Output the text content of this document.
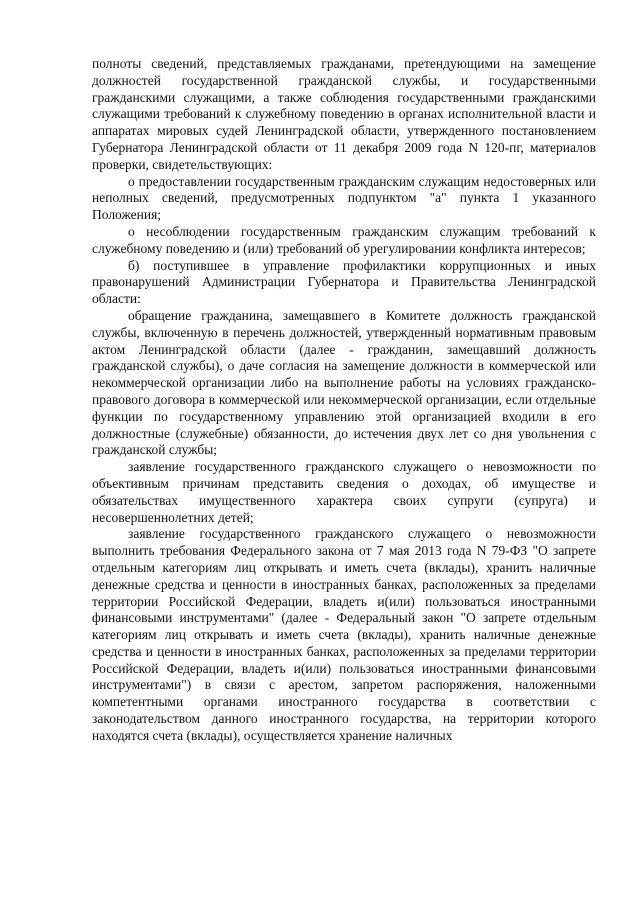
полноты сведений, представляемых гражданами, претендующими на замещение должностей государственной гражданской службы, и государственными гражданскими служащими, а также соблюдения государственными гражданскими служащими требований к служебному поведению в органах исполнительной власти и аппаратах мировых судей Ленинградской области, утвержденного постановлением Губернатора Ленинградской области от 11 декабря 2009 года N 120-пг, материалов проверки, свидетельствующих:

о предоставлении государственным гражданским служащим недостоверных или неполных сведений, предусмотренных подпунктом "а" пункта 1 указанного Положения;

о несоблюдении государственным гражданским служащим требований к служебному поведению и (или) требований об урегулировании конфликта интересов;

б) поступившее в управление профилактики коррупционных и иных правонарушений Администрации Губернатора и Правительства Ленинградской области:

обращение гражданина, замещавшего в Комитете должность гражданской службы, включенную в перечень должностей, утвержденный нормативным правовым актом Ленинградской области (далее - гражданин, замещавший должность гражданской службы), о даче согласия на замещение должности в коммерческой или некоммерческой организации либо на выполнение работы на условиях гражданско-правового договора в коммерческой или некоммерческой организации, если отдельные функции по государственному управлению этой организацией входили в его должностные (служебные) обязанности, до истечения двух лет со дня увольнения с гражданской службы;

заявление государственного гражданского служащего о невозможности по объективным причинам представить сведения о доходах, об имуществе и обязательствах имущественного характера своих супруги (супруга) и несовершеннолетних детей;

заявление государственного гражданского служащего о невозможности выполнить требования Федерального закона от 7 мая 2013 года N 79-ФЗ "О запрете отдельным категориям лиц открывать и иметь счета (вклады), хранить наличные денежные средства и ценности в иностранных банках, расположенных за пределами территории Российской Федерации, владеть и(или) пользоваться иностранными финансовыми инструментами" (далее - Федеральный закон "О запрете отдельным категориям лиц открывать и иметь счета (вклады), хранить наличные денежные средства и ценности в иностранных банках, расположенных за пределами территории Российской Федерации, владеть и(или) пользоваться иностранными финансовыми инструментами") в связи с арестом, запретом распоряжения, наложенными компетентными органами иностранного государства в соответствии с законодательством данного иностранного государства, на территории которого находятся счета (вклады), осуществляется хранение наличных
